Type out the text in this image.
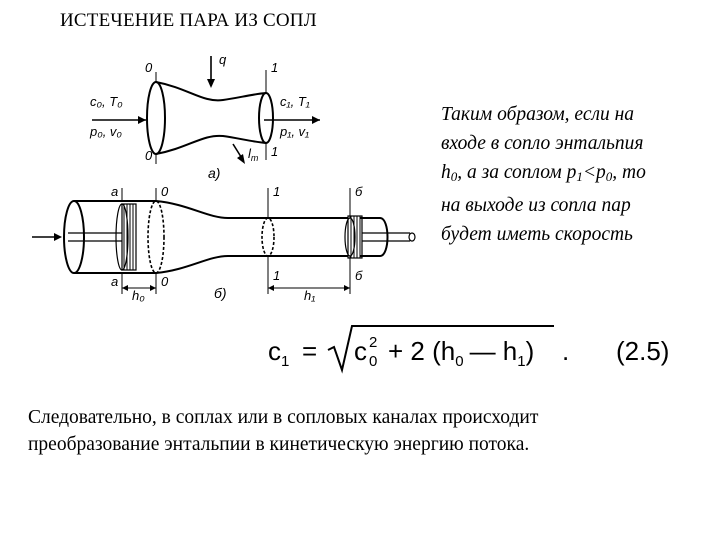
ИСТЕЧЕНИЕ ПАРА ИЗ СОПЛ
c₀, T₀
p₀, v₀
c₁, T₁
p₁, v₁
q
$l_т$
а)
0
0
1
1
а
а
0
0
1
1
б
б
h₀	h₁
б)
Таким образом, если на
входе в сопло энтальпия
$h_0$, а за соплом $p_1<p_0$, то
на выходе из сопла пар
будет иметь скорость
$c_1 = c$ 2
0 + 2 ($h_0$ — $h_1$) . (2.5)
Следовательно, в соплах или в сопловых каналах происходит
преобразование энтальпии в кинетическую энергию потока.
